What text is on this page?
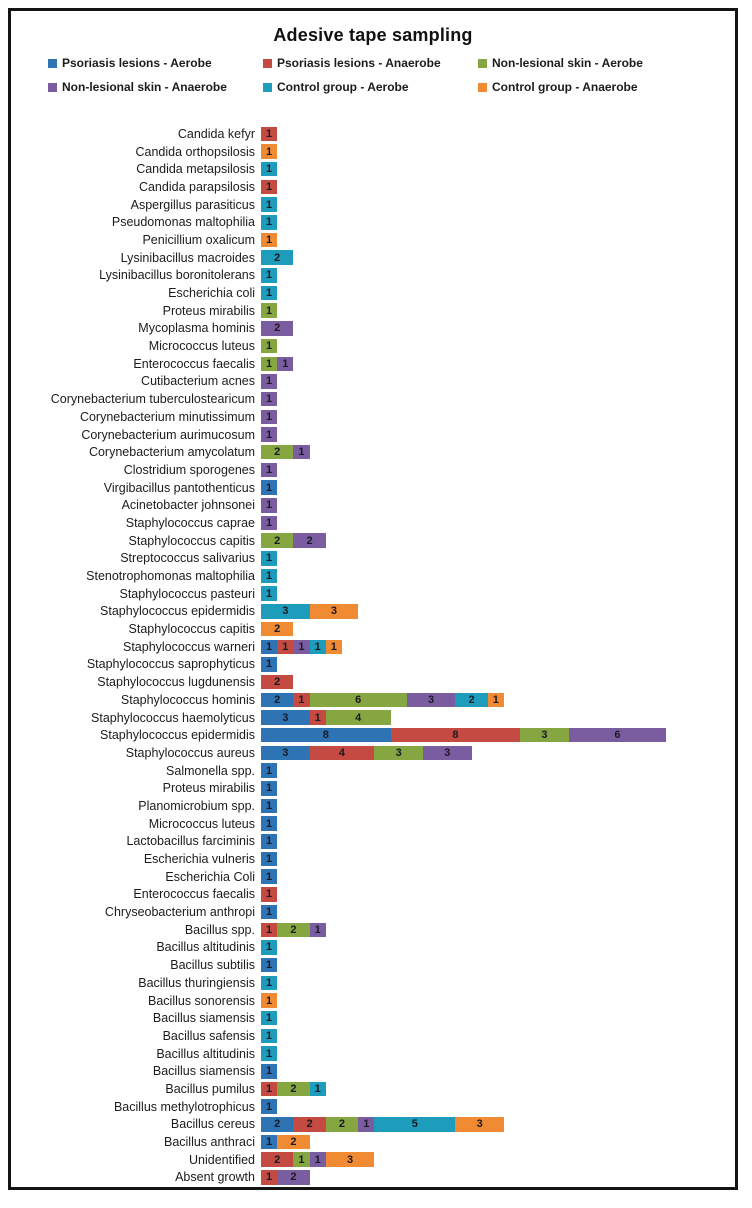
Adesive tape sampling
Psoriasis lesions - Aerobe	Psoriasis lesions - Anaerobe	Non-lesional skin - Aerobe
Non-lesional skin - Anaerobe	Control group - Aerobe	Control group - Anaerobe
Candida kefyr	1
Candida orthopsilosis	1
Candida metapsilosis	1
Candida parapsilosis	1
Aspergillus parasiticus	1
Pseudomonas maltophilia	1
Penicillium oxalicum	1
Lysinibacillus macroides	2
Lysinibacillus boronitolerans	1
Escherichia coli	1
Proteus mirabilis	1
Mycoplasma hominis	2
Micrococcus luteus	1
Enterococcus faecalis	1 1
Cutibacterium acnes	1
Corynebacterium tuberculostearicum	1
Corynebacterium minutissimum	1
Corynebacterium aurimucosum	1
Corynebacterium amycolatum	2	1
Clostridium sporogenes	1
Virgibacillus pantothenticus	1
Acinetobacter johnsonei	1
Staphylococcus caprae	1
Staphylococcus capitis	2	2
Streptococcus salivarius	1
Stenotrophomonas maltophilia	1
Staphylococcus pasteuri	1
Staphylococcus epidermidis	3	3
Staphylococcus capitis	2
Staphylococcus warneri	1 1 1 1 1
Staphylococcus saprophyticus	1
Staphylococcus lugdunensis	2
Staphylococcus hominis	2	1	6	3	2	1
Staphylococcus haemolyticus	3	1	4
Staphylococcus epidermidis	8	8	3	6
Staphylococcus aureus	3	4	3	3
Salmonella spp.	1
Proteus mirabilis	1
Planomicrobium spp.	1
Micrococcus luteus	1
Lactobacillus farciminis	1
Escherichia vulneris	1
Escherichia Coli	1
Enterococcus faecalis	1
Chryseobacterium anthropi	1
Bacillus spp.	1	2	1
Bacillus altitudinis	1
Bacillus subtilis	1
Bacillus thuringiensis	1
Bacillus sonorensis	1
Bacillus siamensis	1
Bacillus safensis	1
Bacillus altitudinis	1
Bacillus siamensis	1
Bacillus pumilus	1	2	1
Bacillus methylotrophicus	1
Bacillus cereus	2	2	2	1	5	3
Bacillus anthraci	1	2
Unidentified	2	1 1	3
Absent growth	1	2
